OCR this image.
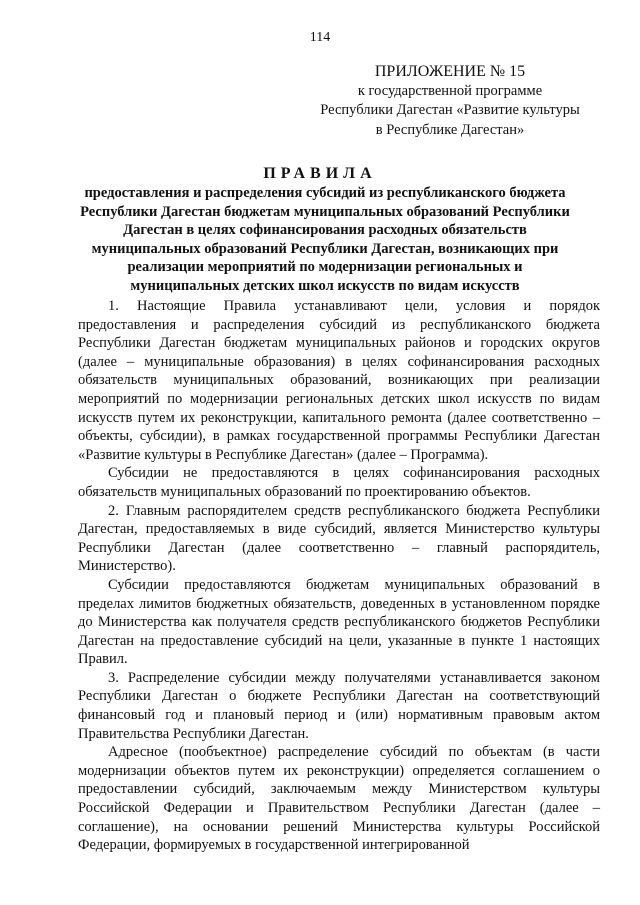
114
ПРИЛОЖЕНИЕ № 15
к государственной программе
Республики Дагестан «Развитие культуры
в Республике Дагестан»
ПРАВИЛА
предоставления и распределения субсидий из республиканского бюджета Республики Дагестан бюджетам муниципальных образований Республики Дагестан в целях софинансирования расходных обязательств муниципальных образований Республики Дагестан, возникающих при реализации мероприятий по модернизации региональных и муниципальных детских школ искусств по видам искусств

1. Настоящие Правила устанавливают цели, условия и порядок предоставления и распределения субсидий из республиканского бюджета Республики Дагестан бюджетам муниципальных районов и городских округов (далее – муниципальные образования) в целях софинансирования расходных обязательств муниципальных образований, возникающих при реализации мероприятий по модернизации региональных детских школ искусств по видам искусств путем их реконструкции, капитального ремонта (далее соответственно – объекты, субсидии), в рамках государственной программы Республики Дагестан «Развитие культуры в Республике Дагестан» (далее – Программа).

Субсидии не предоставляются в целях софинансирования расходных обязательств муниципальных образований по проектированию объектов.

2. Главным распорядителем средств республиканского бюджета Республики Дагестан, предоставляемых в виде субсидий, является Министерство культуры Республики Дагестан (далее соответственно – главный распорядитель, Министерство).

Субсидии предоставляются бюджетам муниципальных образований в пределах лимитов бюджетных обязательств, доведенных в установленном порядке до Министерства как получателя средств республиканского бюджетов Республики Дагестан на предоставление субсидий на цели, указанные в пункте 1 настоящих Правил.

3. Распределение субсидии между получателями устанавливается законом Республики Дагестан о бюджете Республики Дагестан на соответствующий финансовый год и плановый период и (или) нормативным правовым актом Правительства Республики Дагестан.

Адресное (пообъектное) распределение субсидий по объектам (в части модернизации объектов путем их реконструкции) определяется соглашением о предоставлении субсидий, заключаемым между Министерством культуры Российской Федерации и Правительством Республики Дагестан (далее – соглашение), на основании решений Министерства культуры Российской Федерации, формируемых в государственной интегрированной
